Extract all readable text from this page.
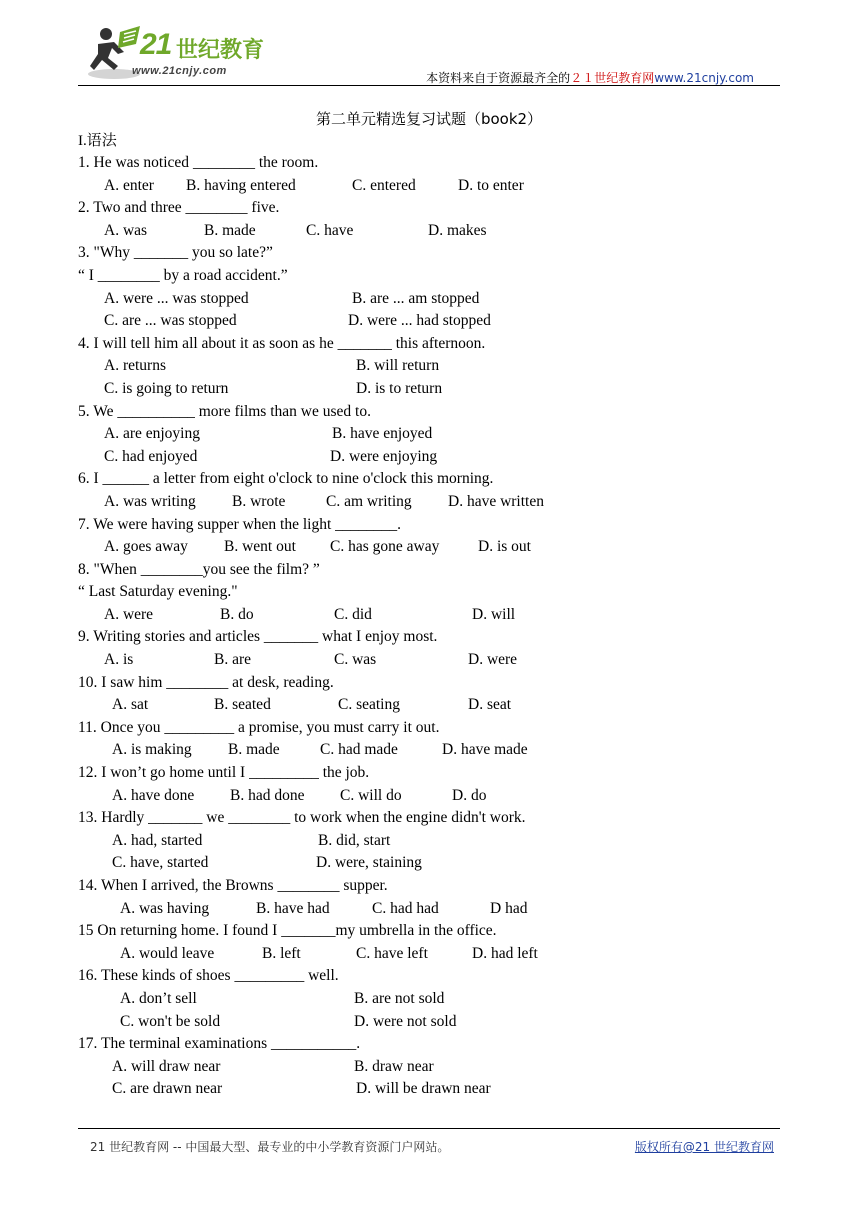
21 世纪教育
www.21cnjy.com	本资料来自于资源最齐全的２１世纪教育网www.21cnjy.com
第二单元精选复习试题（book2）
I.语法
1. He was noticed ________ the room.
A. enter B. having entered	C. entered	D. to enter
2. Two and three ________ five.
A. was	B. made	C. have	D. makes
3. "Why _______ you so late?”
“ I ________ by a road accident.”
A. were ... was stopped	B. are ... am stopped
C. are ... was stopped	D. were ... had stopped
4. I will tell him all about it as soon as he _______ this afternoon.
A. returns	B. will return
C. is going to return	D. is to return
5. We __________ more films than we used to.
A. are enjoying	B. have enjoyed
C. had enjoyed	D. were enjoying
6. I ______ a letter from eight o'clock to nine o'clock this morning.
A. was writing B. wrote	C. am writing D. have written
7. We were having supper when the light ________.
A. goes away B. went out C. has gone away D. is out
8. "When ________you see the film? ”
“ Last Saturday evening."
A. were	B. do	C. did	D. will
9. Writing stories and articles _______ what I enjoy most.
A. is	B. are	C. was	D. were
10. I saw him ________ at desk, reading.
A. sat	B. seated	C. seating	D. seat
11. Once you _________ a promise, you must carry it out.
A. is making B. made	C. had made	D. have made
12. I won’t go home until I _________ the job.
A. have done B. had done C. will do	D. do
13. Hardly _______ we ________ to work when the engine didn't work.
A. had, started	B. did, start
C. have, started	D. were, staining
14. When I arrived, the Browns ________ supper.
A. was having	B. have had	C. had had	D had
15 On returning home. I found I _______my umbrella in the office.
A. would leave	B. left	C. have left	D. had left
16. These kinds of shoes _________ well.
A. don’t sell	B. are not sold
C. won't be sold	D. were not sold
17. The terminal examinations ___________.
A. will draw near	B. draw near
C. are drawn near	D. will be drawn near
21 世纪教育网 -- 中国最大型、最专业的中小学教育资源门户网站。	版权所有@21 世纪教育网
